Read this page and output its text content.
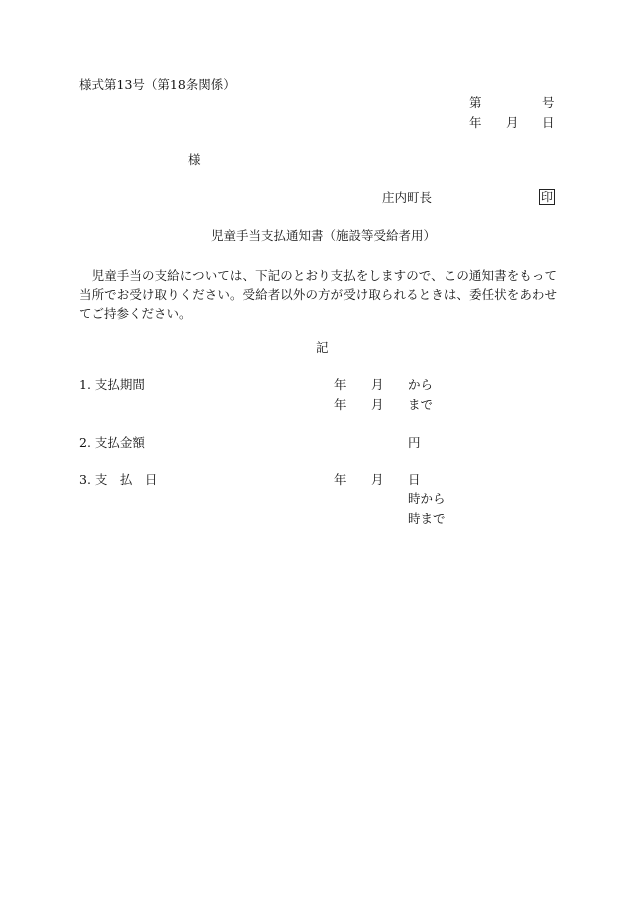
様式第13号（第18条関係）
第	号
年 月 日
様
庄内町長	印
児童手当支払通知書（施設等受給者用）

　児童手当の支給については、下記のとおり支払をしますので、この通知書をもって当所でお受け取りください。受給者以外の方が受け取られるときは、委任状をあわせてご持参ください。

記
1. 支払期間	年 月 から
年 月 まで
2. 支払金額	円
3. 支　払　日	年 月 日
時から
時まで
